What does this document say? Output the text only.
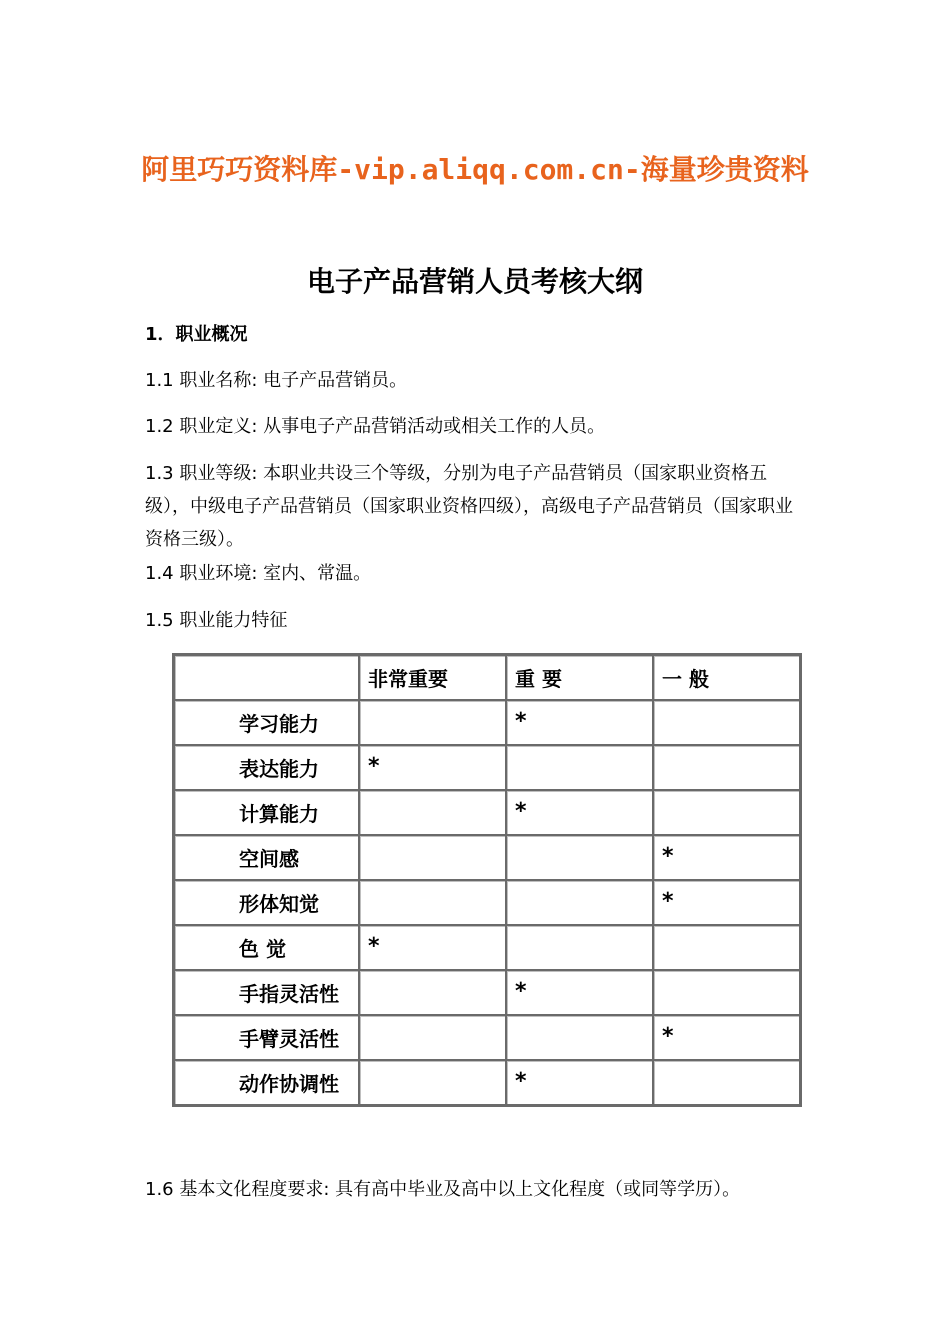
阿里巧巧资料库-vip.aliqq.com.cn-海量珍贵资料
电子产品营销人员考核大纲
1．职业概况
1.1 职业名称: 电子产品营销员。
1.2 职业定义: 从事电子产品营销活动或相关工作的人员。
1.3 职业等级: 本职业共设三个等级，分别为电子产品营销员（国家职业资格五级），中级电子产品营销员（国家职业资格四级），高级电子产品营销员（国家职业资格三级）。
1.4 职业环境: 室内、常温。
1.5 职业能力特征
	非常重要	重 要	一 般

学习能力		*	

表达能力	*		

计算能力		*	

空间感			*

形体知觉			*

色 觉	*		

手指灵活性		*	

手臂灵活性			*

动作协调性		*	
1.6 基本文化程度要求: 具有高中毕业及高中以上文化程度（或同等学历）。
